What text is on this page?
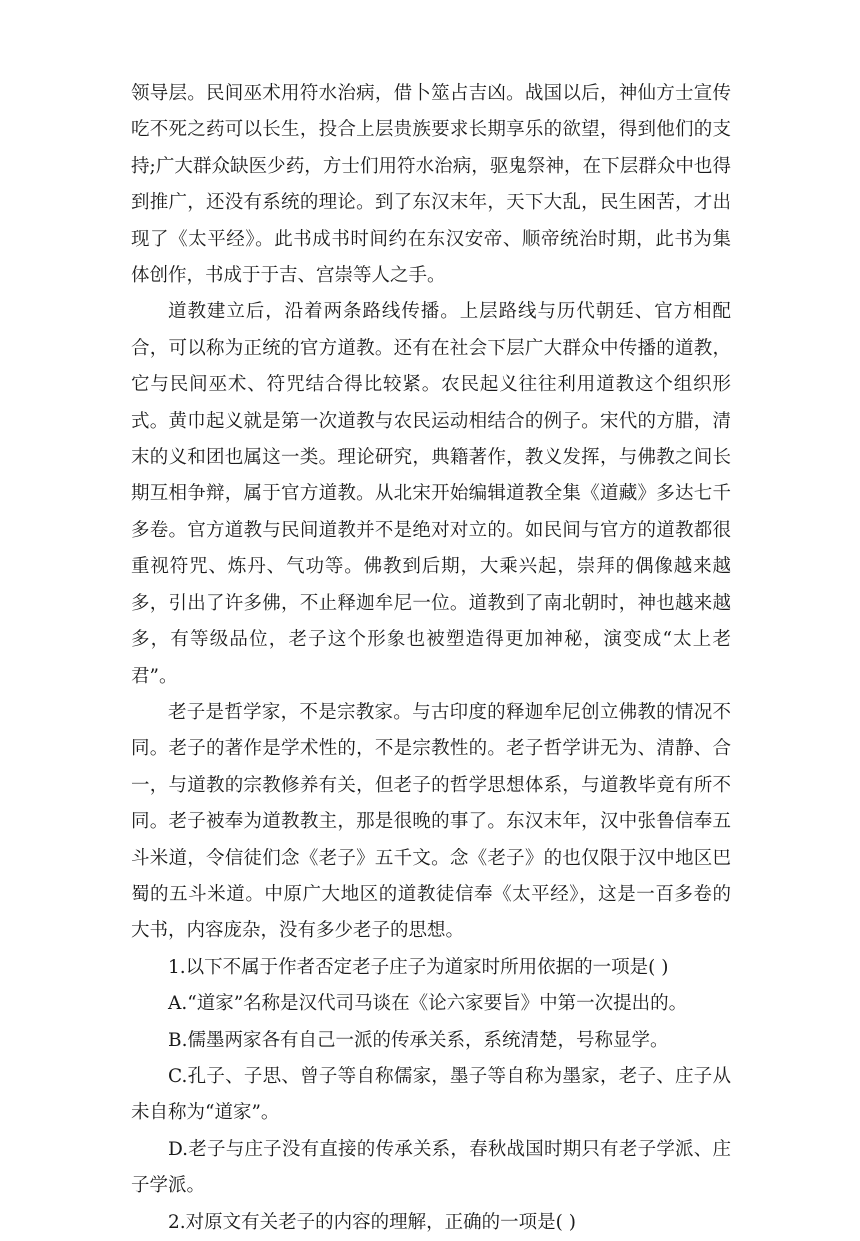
领导层。民间巫术用符水治病，借卜筮占吉凶。战国以后，神仙方士宣传吃不死之药可以长生，投合上层贵族要求长期享乐的欲望，得到他们的支持;广大群众缺医少药，方士们用符水治病，驱鬼祭神，在下层群众中也得到推广，还没有系统的理论。到了东汉末年，天下大乱，民生困苦，才出现了《太平经》。此书成书时间约在东汉安帝、顺帝统治时期，此书为集体创作，书成于于吉、宫崇等人之手。

道教建立后，沿着两条路线传播。上层路线与历代朝廷、官方相配合，可以称为正统的官方道教。还有在社会下层广大群众中传播的道教，它与民间巫术、符咒结合得比较紧。农民起义往往利用道教这个组织形式。黄巾起义就是第一次道教与农民运动相结合的例子。宋代的方腊，清末的义和团也属这一类。理论研究，典籍著作，教义发挥，与佛教之间长期互相争辩，属于官方道教。从北宋开始编辑道教全集《道藏》多达七千多卷。官方道教与民间道教并不是绝对对立的。如民间与官方的道教都很重视符咒、炼丹、气功等。佛教到后期，大乘兴起，崇拜的偶像越来越多，引出了许多佛，不止释迦牟尼一位。道教到了南北朝时，神也越来越多，有等级品位，老子这个形象也被塑造得更加神秘，演变成“太上老君”。

老子是哲学家，不是宗教家。与古印度的释迦牟尼创立佛教的情况不同。老子的著作是学术性的，不是宗教性的。老子哲学讲无为、清静、合一，与道教的宗教修养有关，但老子的哲学思想体系，与道教毕竟有所不同。老子被奉为道教教主，那是很晚的事了。东汉末年，汉中张鲁信奉五斗米道，令信徒们念《老子》五千文。念《老子》的也仅限于汉中地区巴蜀的五斗米道。中原广大地区的道教徒信奉《太平经》，这是一百多卷的大书，内容庞杂，没有多少老子的思想。

1.以下不属于作者否定老子庄子为道家时所用依据的一项是( )

A.“道家”名称是汉代司马谈在《论六家要旨》中第一次提出的。

B.儒墨两家各有自己一派的传承关系，系统清楚，号称显学。

C.孔子、子思、曾子等自称儒家，墨子等自称为墨家，老子、庄子从未自称为“道家”。

D.老子与庄子没有直接的传承关系，春秋战国时期只有老子学派、庄子学派。

2.对原文有关老子的内容的理解，正确的一项是( )
